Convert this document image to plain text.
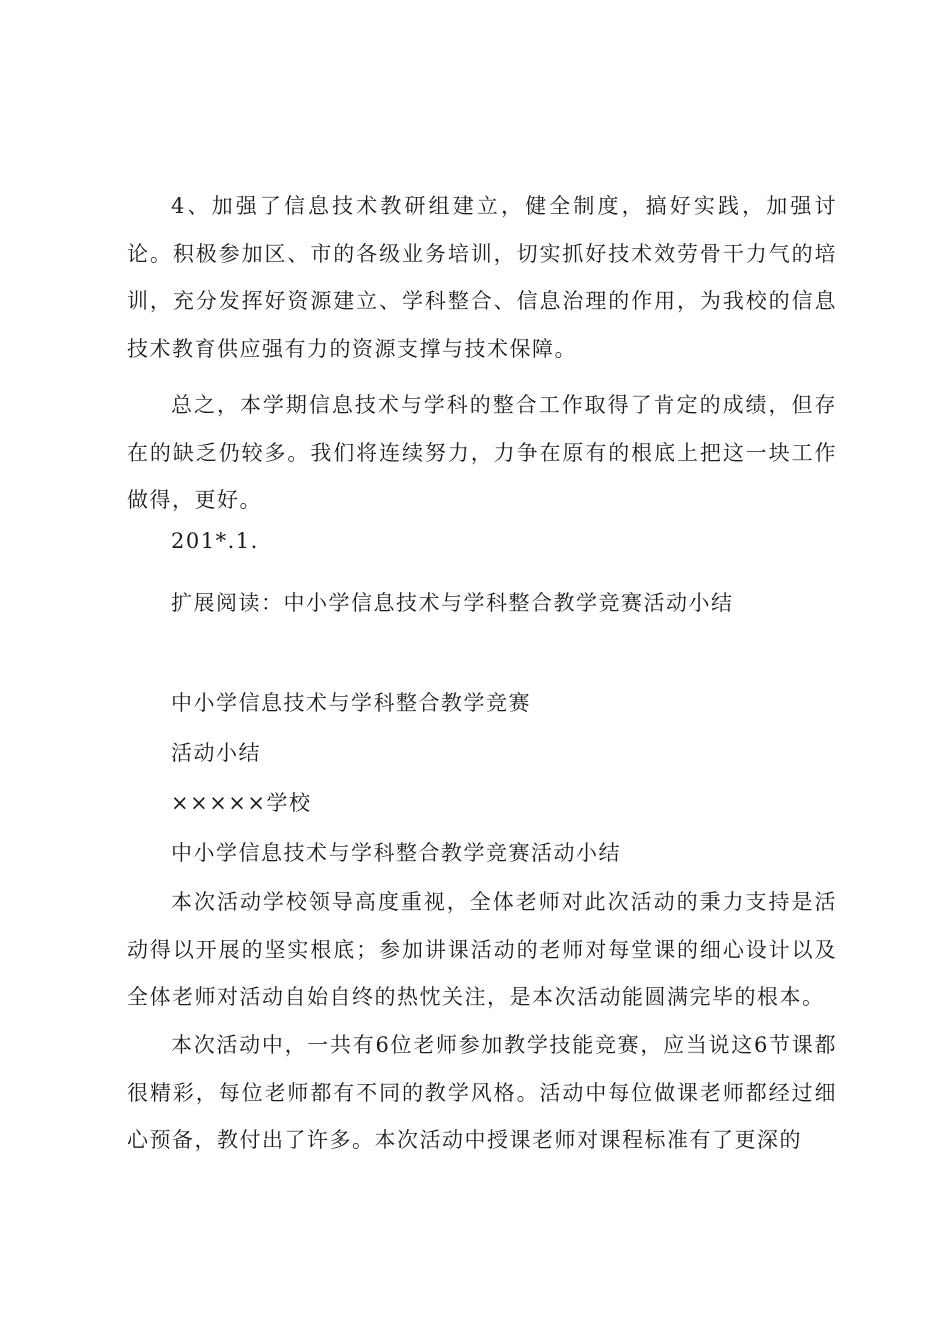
4、加强了信息技术教研组建立，健全制度，搞好实践，加强讨论。积极参加区、市的各级业务培训，切实抓好技术效劳骨干力气的培训，充分发挥好资源建立、学科整合、信息治理的作用，为我校的信息技术教育供应强有力的资源支撑与技术保障。

总之，本学期信息技术与学科的整合工作取得了肯定的成绩，但存在的缺乏仍较多。我们将连续努力，力争在原有的根底上把这一块工作做得，更好。

201*.1.

扩展阅读：中小学信息技术与学科整合教学竞赛活动小结

中小学信息技术与学科整合教学竞赛

活动小结

×××××学校

中小学信息技术与学科整合教学竞赛活动小结

本次活动学校领导高度重视，全体老师对此次活动的秉力支持是活动得以开展的坚实根底；参加讲课活动的老师对每堂课的细心设计以及全体老师对活动自始自终的热忱关注，是本次活动能圆满完毕的根本。

本次活动中，一共有6位老师参加教学技能竞赛，应当说这6节课都很精彩，每位老师都有不同的教学风格。活动中每位做课老师都经过细心预备，教付出了许多。本次活动中授课老师对课程标准有了更深的
